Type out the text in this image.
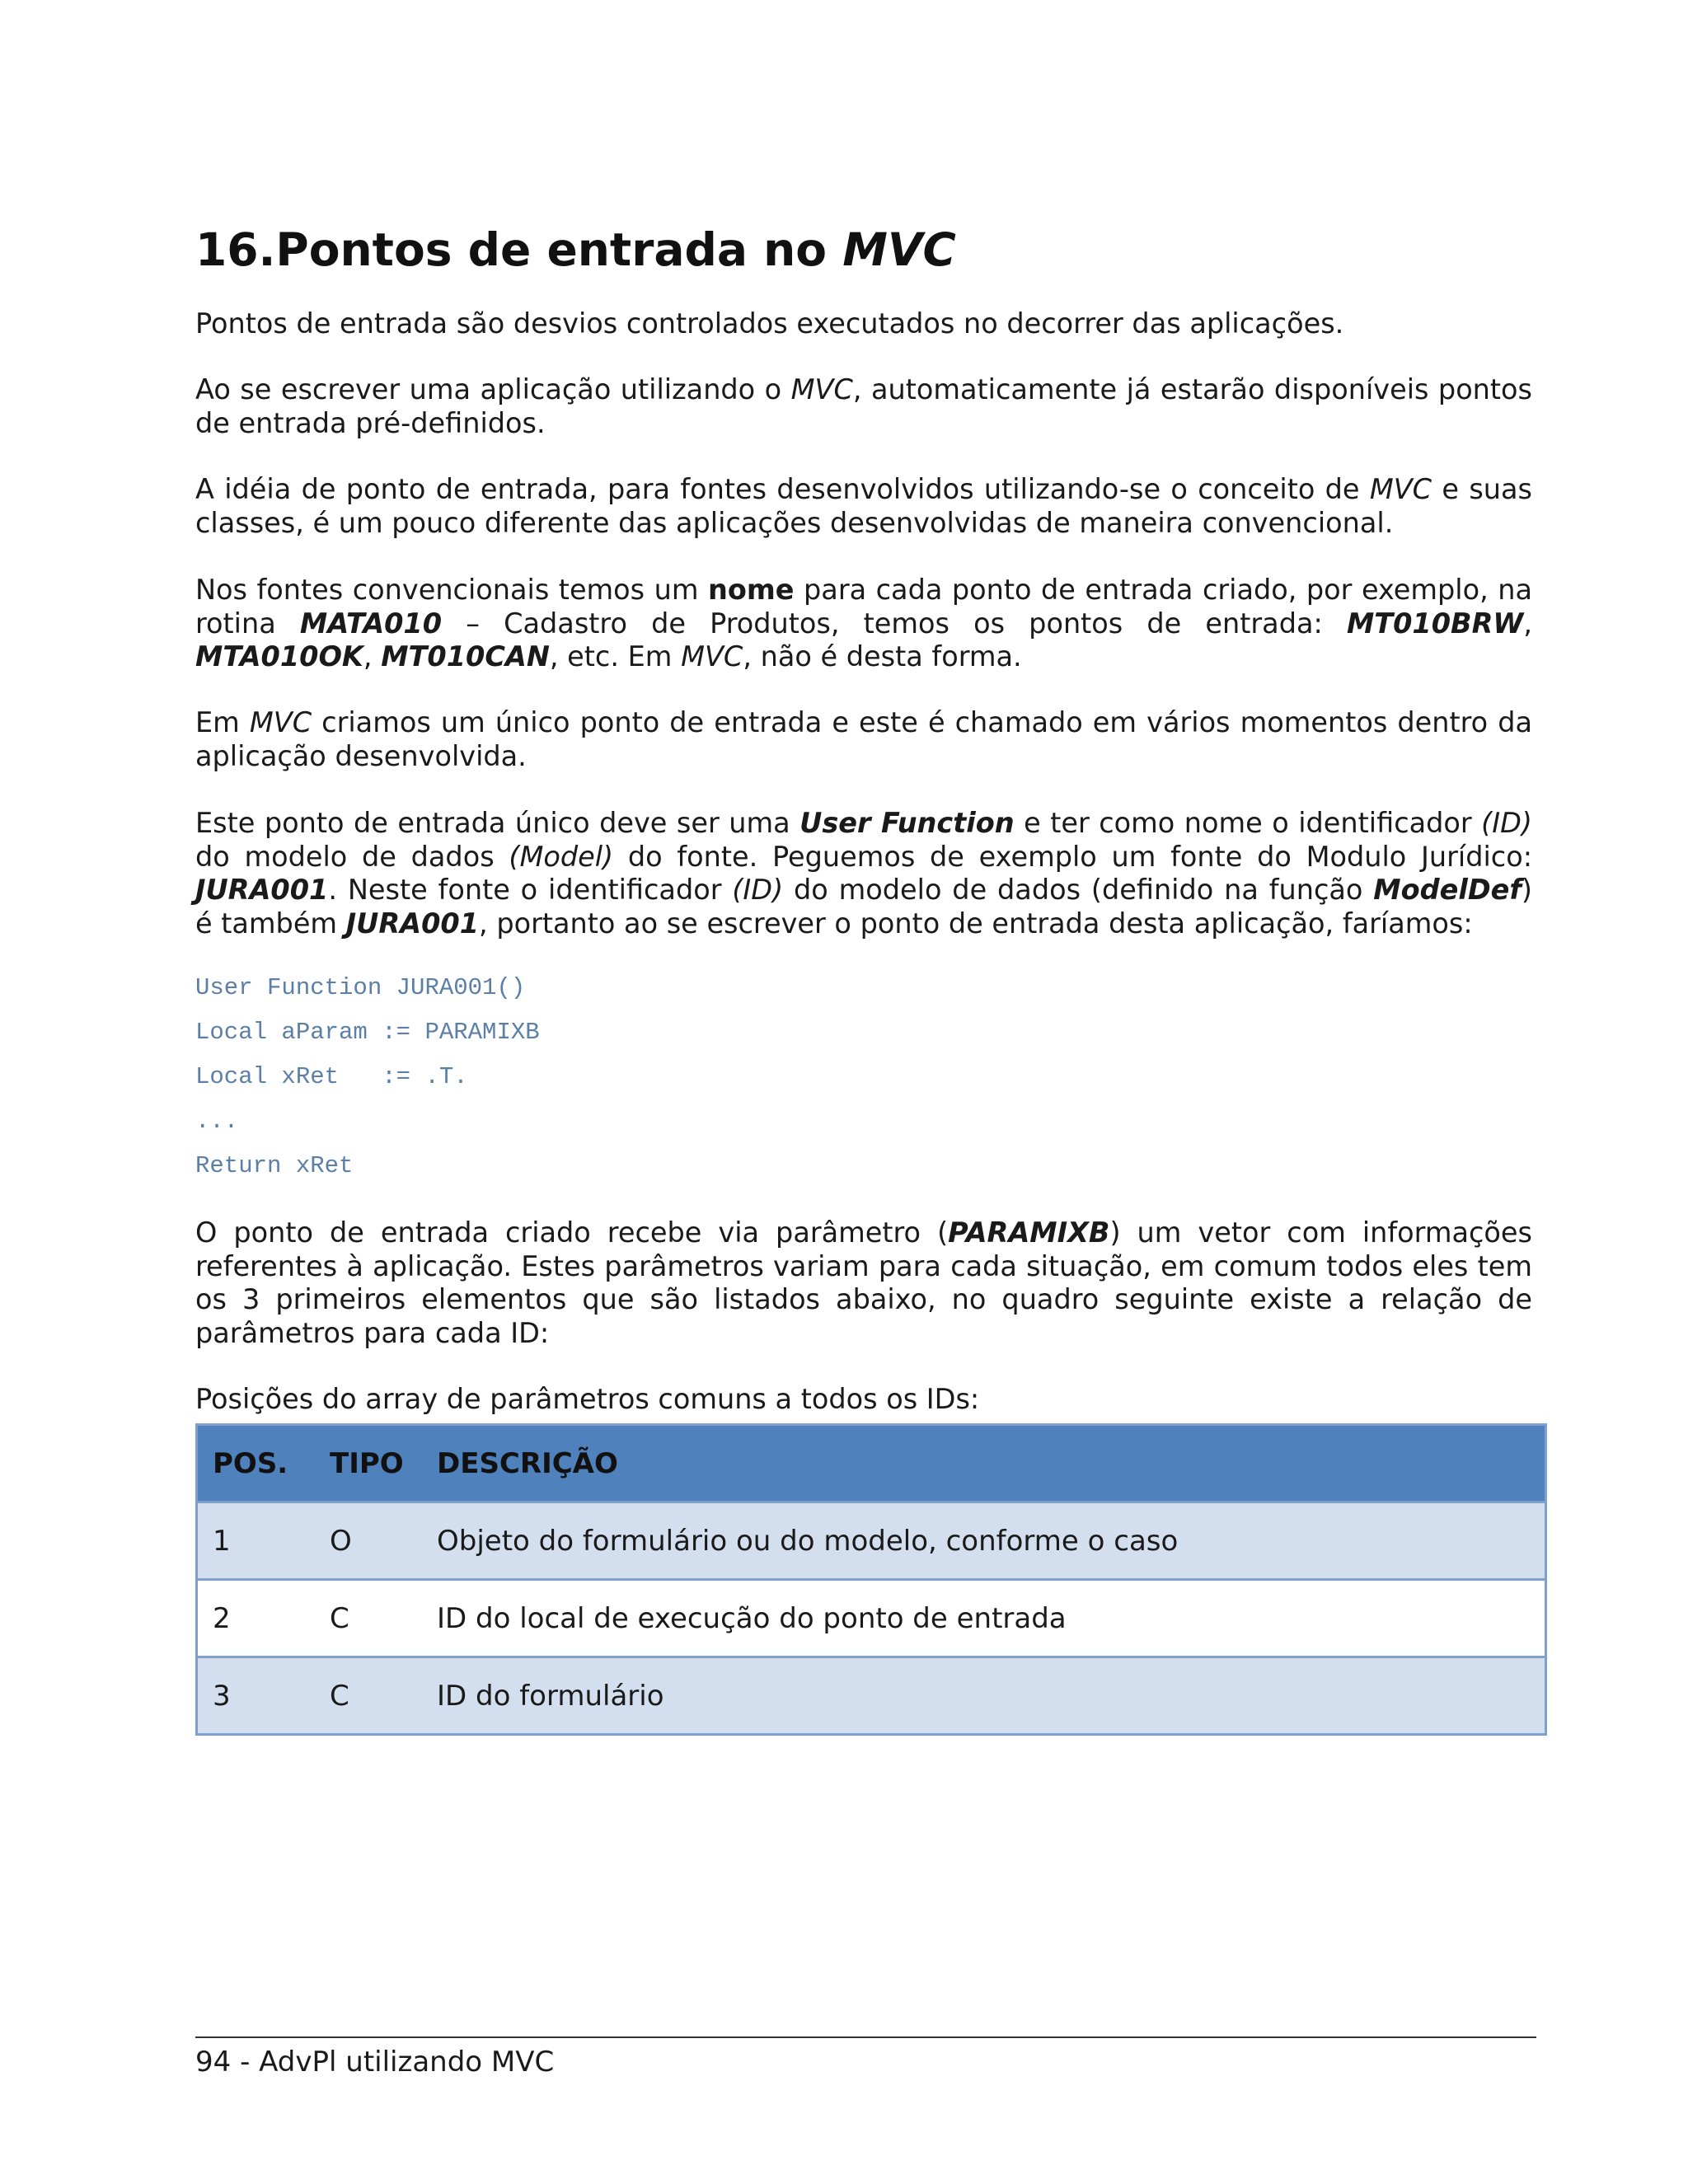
16.Pontos de entrada no MVC

Pontos de entrada são desvios controlados executados no decorrer das aplicações.

Ao se escrever uma aplicação utilizando o MVC, automaticamente já estarão disponíveis pontos de entrada pré-definidos.

A idéia de ponto de entrada, para fontes desenvolvidos utilizando-se o conceito de MVC e suas classes, é um pouco diferente das aplicações desenvolvidas de maneira convencional.

Nos fontes convencionais temos um nome para cada ponto de entrada criado, por exemplo, na rotina MATA010 – Cadastro de Produtos, temos os pontos de entrada: MT010BRW, MTA010OK, MT010CAN, etc. Em MVC, não é desta forma.

Em MVC criamos um único ponto de entrada e este é chamado em vários momentos dentro da aplicação desenvolvida.

Este ponto de entrada único deve ser uma User Function e ter como nome o identificador (ID) do modelo de dados (Model) do fonte. Peguemos de exemplo um fonte do Modulo Jurídico: JURA001. Neste fonte o identificador (ID) do modelo de dados (definido na função ModelDef) é também JURA001, portanto ao se escrever o ponto de entrada desta aplicação, faríamos:

User Function JURA001()
Local aParam := PARAMIXB
Local xRet   := .T.
...
Return xRet

O ponto de entrada criado recebe via parâmetro (PARAMIXB) um vetor com informações referentes à aplicação. Estes parâmetros variam para cada situação, em comum todos eles tem os 3 primeiros elementos que são listados abaixo, no quadro seguinte existe a relação de parâmetros para cada ID:

Posições do array de parâmetros comuns a todos os IDs:

POS.	TIPO	DESCRIÇÃO
1	O	Objeto do formulário ou do modelo, conforme o caso
2	C	ID do local de execução do ponto de entrada
3	C	ID do formulário
94 - AdvPl utilizando MVC
